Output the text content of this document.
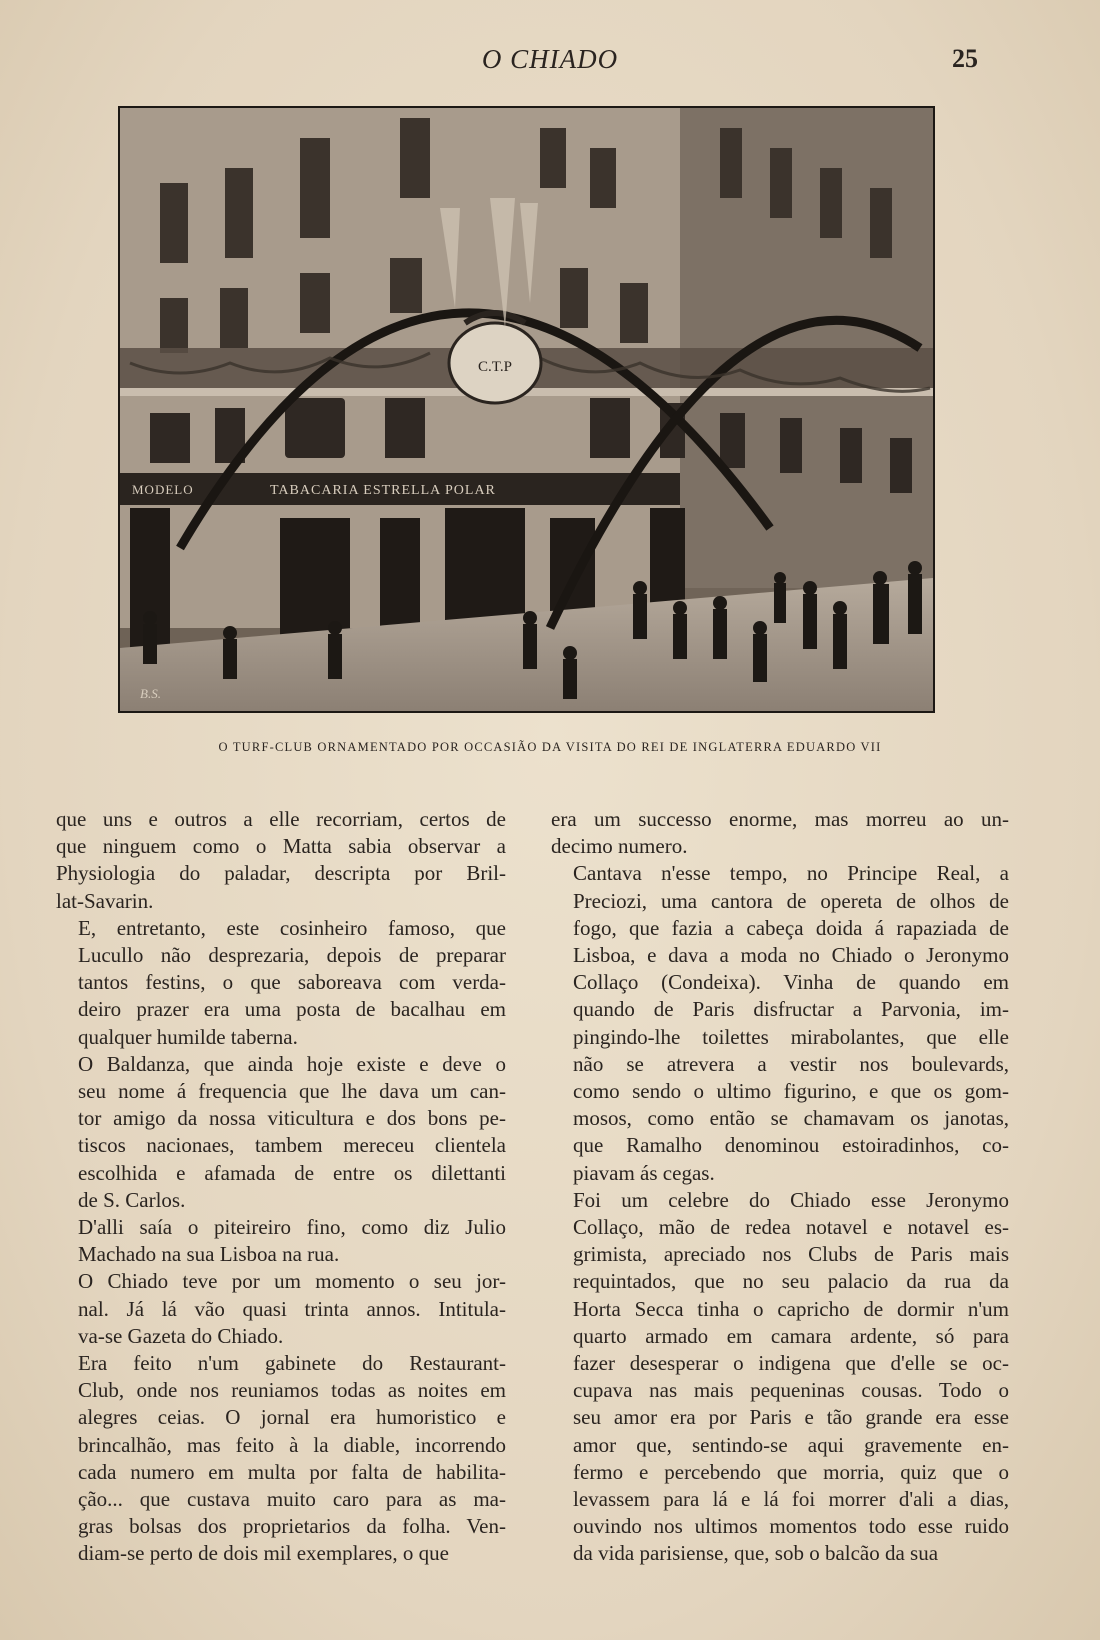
O CHIADO	25
TABACARIA ESTRELLA POLAR
MODELO
C.T.P
B.S.
O TURF-CLUB ORNAMENTADO POR OCCASIÃO DA VISITA DO REI DE INGLATERRA EDUARDO VII

que uns e outros a elle recorriam, certos de
que ninguem como o Matta sabia observar a
Physiologia do paladar, descripta por Bril-
lat-Savarin.

E, entretanto, este cosinheiro famoso, que
Lucullo não desprezaria, depois de preparar
tantos festins, o que saboreava com verda-
deiro prazer era uma posta de bacalhau em
qualquer humilde taberna.

O Baldanza, que ainda hoje existe e deve o
seu nome á frequencia que lhe dava um can-
tor amigo da nossa viticultura e dos bons pe-
tiscos nacionaes, tambem mereceu clientela
escolhida e afamada de entre os dilettanti
de S. Carlos.

D'alli saía o piteireiro fino, como diz Julio
Machado na sua Lisboa na rua.

O Chiado teve por um momento o seu jor-
nal. Já lá vão quasi trinta annos. Intitula-
va-se Gazeta do Chiado.

Era feito n'um gabinete do Restaurant-
Club, onde nos reuniamos todas as noites em
alegres ceias. O jornal era humoristico e
brincalhão, mas feito à la diable, incorrendo
cada numero em multa por falta de habilita-
ção... que custava muito caro para as ma-
gras bolsas dos proprietarios da folha. Ven-
diam-se perto de dois mil exemplares, o que

era um successo enorme, mas morreu ao un-
decimo numero.

Cantava n'esse tempo, no Principe Real, a
Preciozi, uma cantora de opereta de olhos de
fogo, que fazia a cabeça doida á rapaziada de
Lisboa, e dava a moda no Chiado o Jeronymo
Collaço (Condeixa). Vinha de quando em
quando de Paris disfructar a Parvonia, im-
pingindo-lhe toilettes mirabolantes, que elle
não se atrevera a vestir nos boulevards,
como sendo o ultimo figurino, e que os gom-
mosos, como então se chamavam os janotas,
que Ramalho denominou estoiradinhos, co-
piavam ás cegas.

Foi um celebre do Chiado esse Jeronymo
Collaço, mão de redea notavel e notavel es-
grimista, apreciado nos Clubs de Paris mais
requintados, que no seu palacio da rua da
Horta Secca tinha o capricho de dormir n'um
quarto armado em camara ardente, só para
fazer desesperar o indigena que d'elle se oc-
cupava nas mais pequeninas cousas. Todo o
seu amor era por Paris e tão grande era esse
amor que, sentindo-se aqui gravemente en-
fermo e percebendo que morria, quiz que o
levassem para lá e lá foi morrer d'ali a dias,
ouvindo nos ultimos momentos todo esse ruido
da vida parisiense, que, sob o balcão da sua
